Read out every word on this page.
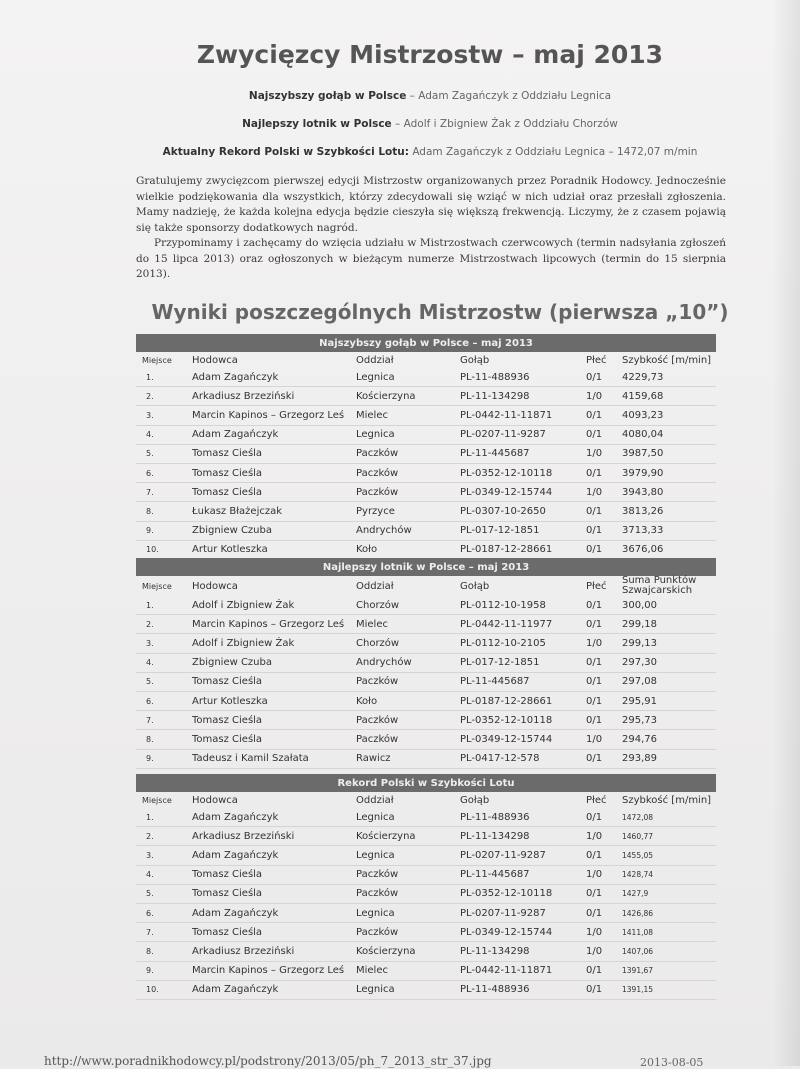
Zwycięzcy Mistrzostw – maj 2013
Najszybszy gołąb w Polsce – Adam Zagańczyk z Oddziału Legnica
Najlepszy lotnik w Polsce – Adolf i Zbigniew Żak z Oddziału Chorzów
Aktualny Rekord Polski w Szybkości Lotu: Adam Zagańczyk z Oddziału Legnica – 1472,07 m/min

Gratulujemy zwycięzcom pierwszej edycji Mistrzostw organizowanych przez Poradnik Hodowcy. Jednocześnie wielkie podziękowania dla wszystkich, którzy zdecydowali się wziąć w nich udział oraz przesłali zgłoszenia. Mamy nadzieję, że każda kolejna edycja będzie cieszyła się większą frekwencją. Liczymy, że z czasem pojawią się także sponsorzy dodatkowych nagród.

Przypominamy i zachęcamy do wzięcia udziału w Mistrzostwach czerwcowych (termin nadsyłania zgłoszeń do 15 lipca 2013) oraz ogłoszonych w bieżącym numerze Mistrzostwach lipcowych (termin do 15 sierpnia 2013).

Wyniki poszczególnych Mistrzostw (pierwsza „10”)
Najszybszy gołąb w Polsce – maj 2013					
Miejsce	Hodowca	Oddział	Gołąb	Płeć	Szybkość [m/min]
1.	Adam Zagańczyk	Legnica	PL-11-488936	0/1	4229,73
2.	Arkadiusz Brzeziński	Kościerzyna	PL-11-134298	1/0	4159,68
3.	Marcin Kapinos – Grzegorz Leś	Mielec	PL-0442-11-11871	0/1	4093,23
4.	Adam Zagańczyk	Legnica	PL-0207-11-9287	0/1	4080,04
5.	Tomasz Cieśla	Paczków	PL-11-445687	1/0	3987,50
6.	Tomasz Cieśla	Paczków	PL-0352-12-10118	0/1	3979,90
7.	Tomasz Cieśla	Paczków	PL-0349-12-15744	1/0	3943,80
8.	Łukasz Błażejczak	Pyrzyce	PL-0307-10-2650	0/1	3813,26
9.	Zbigniew Czuba	Andrychów	PL-017-12-1851	0/1	3713,33
10.	Artur Kotleszka	Koło	PL-0187-12-28661	0/1	3676,06
Najlepszy lotnik w Polsce – maj 2013					
Miejsce	Hodowca	Oddział	Gołąb	Płeć	Suma Punktów Szwajcarskich
1.	Adolf i Zbigniew Żak	Chorzów	PL-0112-10-1958	0/1	300,00
2.	Marcin Kapinos – Grzegorz Leś	Mielec	PL-0442-11-11977	0/1	299,18
3.	Adolf i Zbigniew Żak	Chorzów	PL-0112-10-2105	1/0	299,13
4.	Zbigniew Czuba	Andrychów	PL-017-12-1851	0/1	297,30
5.	Tomasz Cieśla	Paczków	PL-11-445687	0/1	297,08
6.	Artur Kotleszka	Koło	PL-0187-12-28661	0/1	295,91
7.	Tomasz Cieśla	Paczków	PL-0352-12-10118	0/1	295,73
8.	Tomasz Cieśla	Paczków	PL-0349-12-15744	1/0	294,76
9.	Tadeusz i Kamil Szałata	Rawicz	PL-0417-12-578	0/1	293,89
Rekord Polski w Szybkości Lotu					
Miejsce	Hodowca	Oddział	Gołąb	Płeć	Szybkość [m/min]
1.	Adam Zagańczyk	Legnica	PL-11-488936	0/1	1472,08
2.	Arkadiusz Brzeziński	Kościerzyna	PL-11-134298	1/0	1460,77
3.	Adam Zagańczyk	Legnica	PL-0207-11-9287	0/1	1455,05
4.	Tomasz Cieśla	Paczków	PL-11-445687	1/0	1428,74
5.	Tomasz Cieśla	Paczków	PL-0352-12-10118	0/1	1427,9
6.	Adam Zagańczyk	Legnica	PL-0207-11-9287	0/1	1426,86
7.	Tomasz Cieśla	Paczków	PL-0349-12-15744	1/0	1411,08
8.	Arkadiusz Brzeziński	Kościerzyna	PL-11-134298	1/0	1407,06
9.	Marcin Kapinos – Grzegorz Leś	Mielec	PL-0442-11-11871	0/1	1391,67
10.	Adam Zagańczyk	Legnica	PL-11-488936	0/1	1391,15
http://www.poradnikhodowcy.pl/podstrony/2013/05/ph_7_2013_str_37.jpg	2013-08-05
